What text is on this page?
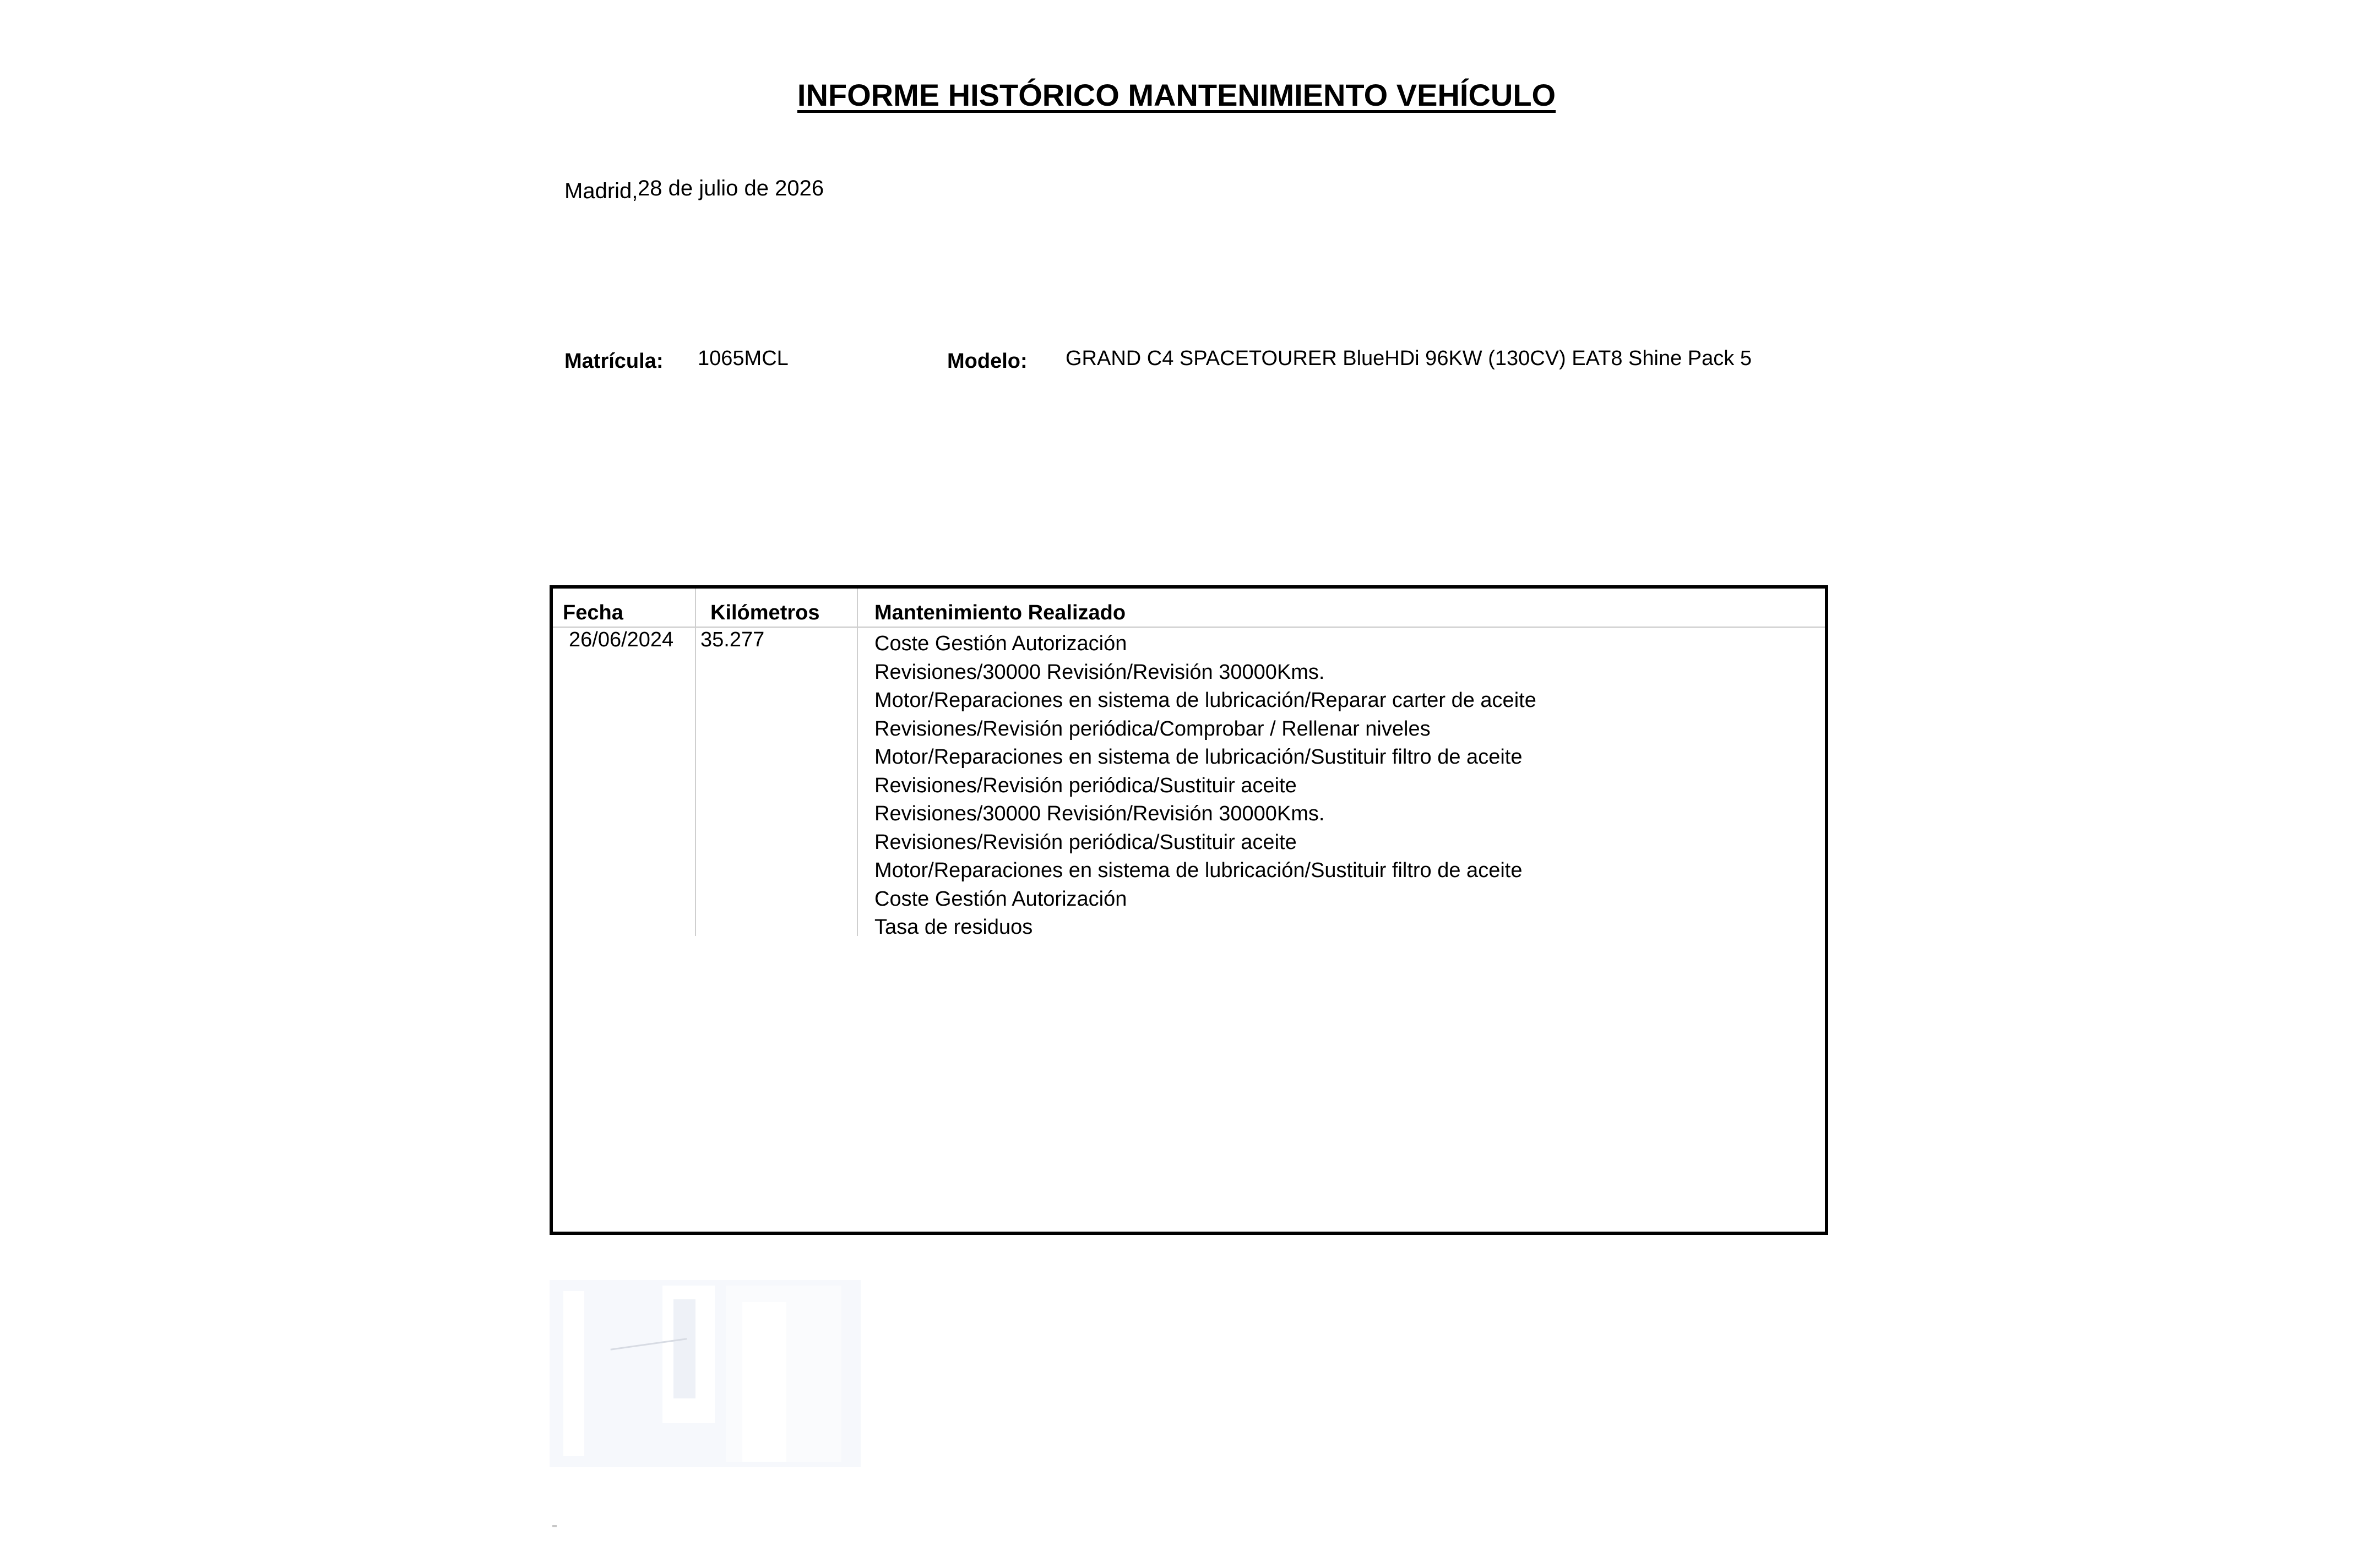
INFORME HISTÓRICO MANTENIMIENTO VEHÍCULO
Madrid, 28 de julio de 2026
Matrícula: 1065MCL	Modelo: GRAND C4 SPACETOURER BlueHDi 96KW (130CV) EAT8 Shine Pack 5
Fecha	Kilómetros	Mantenimiento Realizado
26/06/2024 35.277	Coste Gestión Autorización
Revisiones/30000 Revisión/Revisión 30000Kms.
Motor/Reparaciones en sistema de lubricación/Reparar carter de aceite
Revisiones/Revisión periódica/Comprobar / Rellenar niveles
Motor/Reparaciones en sistema de lubricación/Sustituir filtro de aceite
Revisiones/Revisión periódica/Sustituir aceite
Revisiones/30000 Revisión/Revisión 30000Kms.
Revisiones/Revisión periódica/Sustituir aceite
Motor/Reparaciones en sistema de lubricación/Sustituir filtro de aceite
Coste Gestión Autorización
Tasa de residuos
